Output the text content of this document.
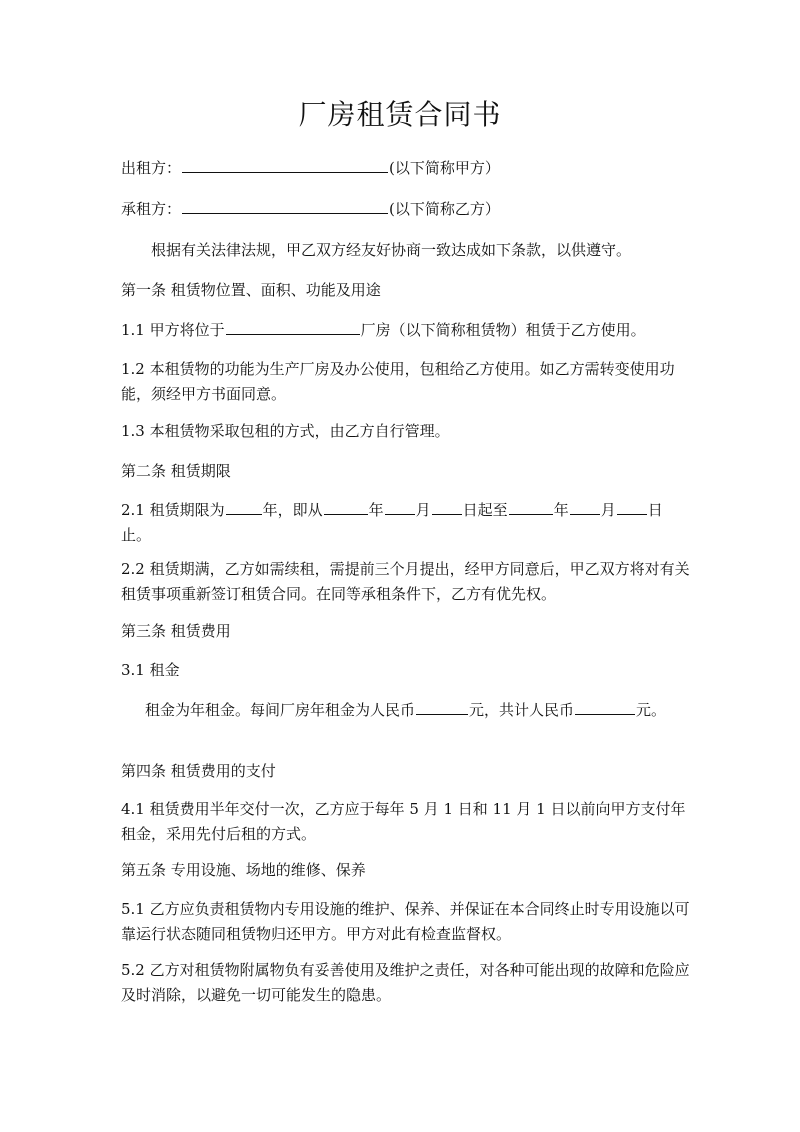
厂房租赁合同书
出租方：	(以下简称甲方）
承租方：	(以下简称乙方）
根据有关法律法规，甲乙双方经友好协商一致达成如下条款，以供遵守。
第一条 租赁物位置、面积、功能及用途
1.1 甲方将位于	厂房（以下简称租赁物）租赁于乙方使用。
1.2 本租赁物的功能为生产厂房及办公使用，包租给乙方使用。如乙方需转变使用功能，须经甲方书面同意。
1.3 本租赁物采取包租的方式，由乙方自行管理。
第二条 租赁期限
2.1 租赁期限为	年，即从	年 月 日起至	年 月 日止。
2.2 租赁期满，乙方如需续租，需提前三个月提出，经甲方同意后，甲乙双方将对有关租赁事项重新签订租赁合同。在同等承租条件下，乙方有优先权。
第三条 租赁费用
3.1 租金
租金为年租金。每间厂房年租金为人民币	元，共计人民币	元。
第四条 租赁费用的支付
4.1 租赁费用半年交付一次，乙方应于每年 5 月 1 日和 11 月 1 日以前向甲方支付年租金，采用先付后租的方式。
第五条 专用设施、场地的维修、保养
5.1 乙方应负责租赁物内专用设施的维护、保养、并保证在本合同终止时专用设施以可靠运行状态随同租赁物归还甲方。甲方对此有检查监督权。
5.2 乙方对租赁物附属物负有妥善使用及维护之责任，对各种可能出现的故障和危险应及时消除，以避免一切可能发生的隐患。
